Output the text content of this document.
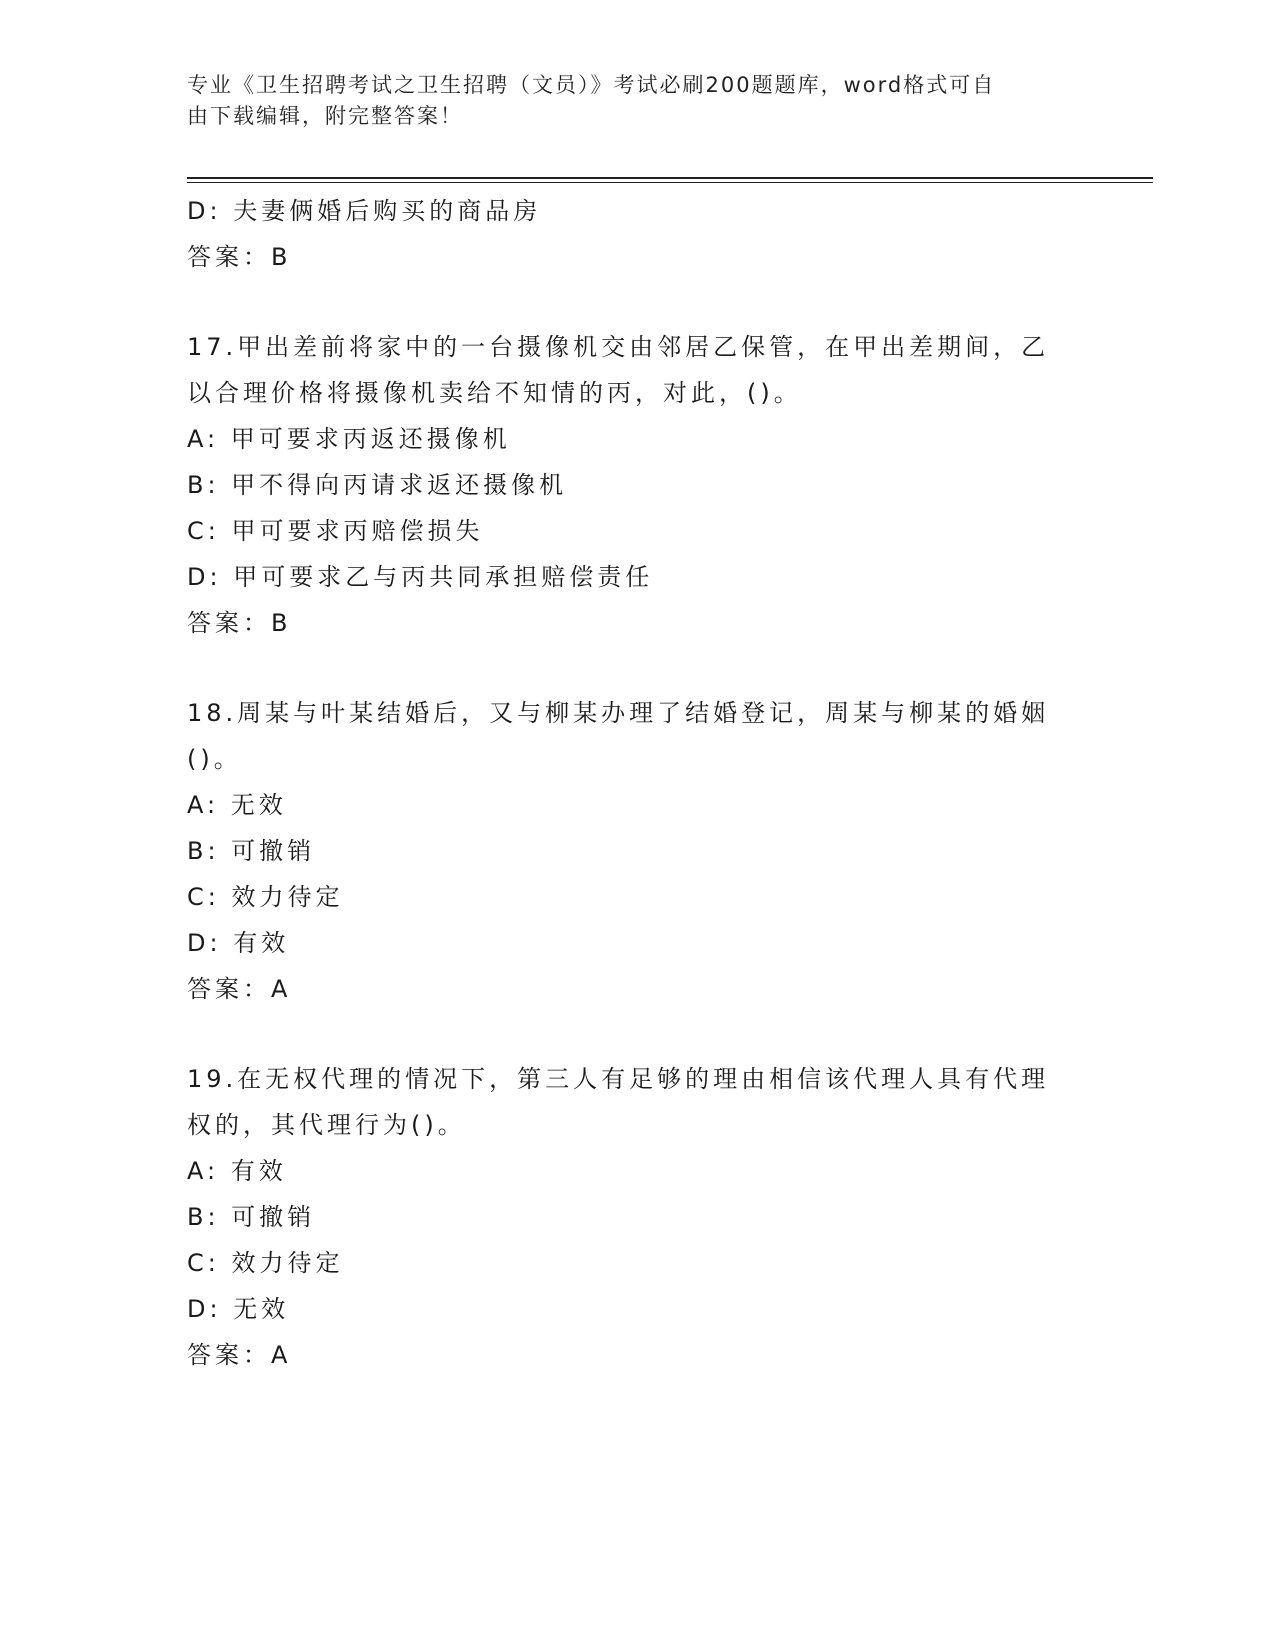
专业《卫生招聘考试之卫生招聘（文员）》考试必刷200题题库，word格式可自
由下载编辑，附完整答案！
D: 夫妻俩婚后购买的商品房
答案：B
17.甲出差前将家中的一台摄像机交由邻居乙保管，在甲出差期间，乙
以合理价格将摄像机卖给不知情的丙，对此，()。
A: 甲可要求丙返还摄像机
B: 甲不得向丙请求返还摄像机
C: 甲可要求丙赔偿损失
D: 甲可要求乙与丙共同承担赔偿责任
答案：B
18.周某与叶某结婚后，又与柳某办理了结婚登记，周某与柳某的婚姻
()。
A: 无效
B: 可撤销
C: 效力待定
D: 有效
答案：A
19.在无权代理的情况下，第三人有足够的理由相信该代理人具有代理
权的，其代理行为()。
A: 有效
B: 可撤销
C: 效力待定
D: 无效
答案：A
